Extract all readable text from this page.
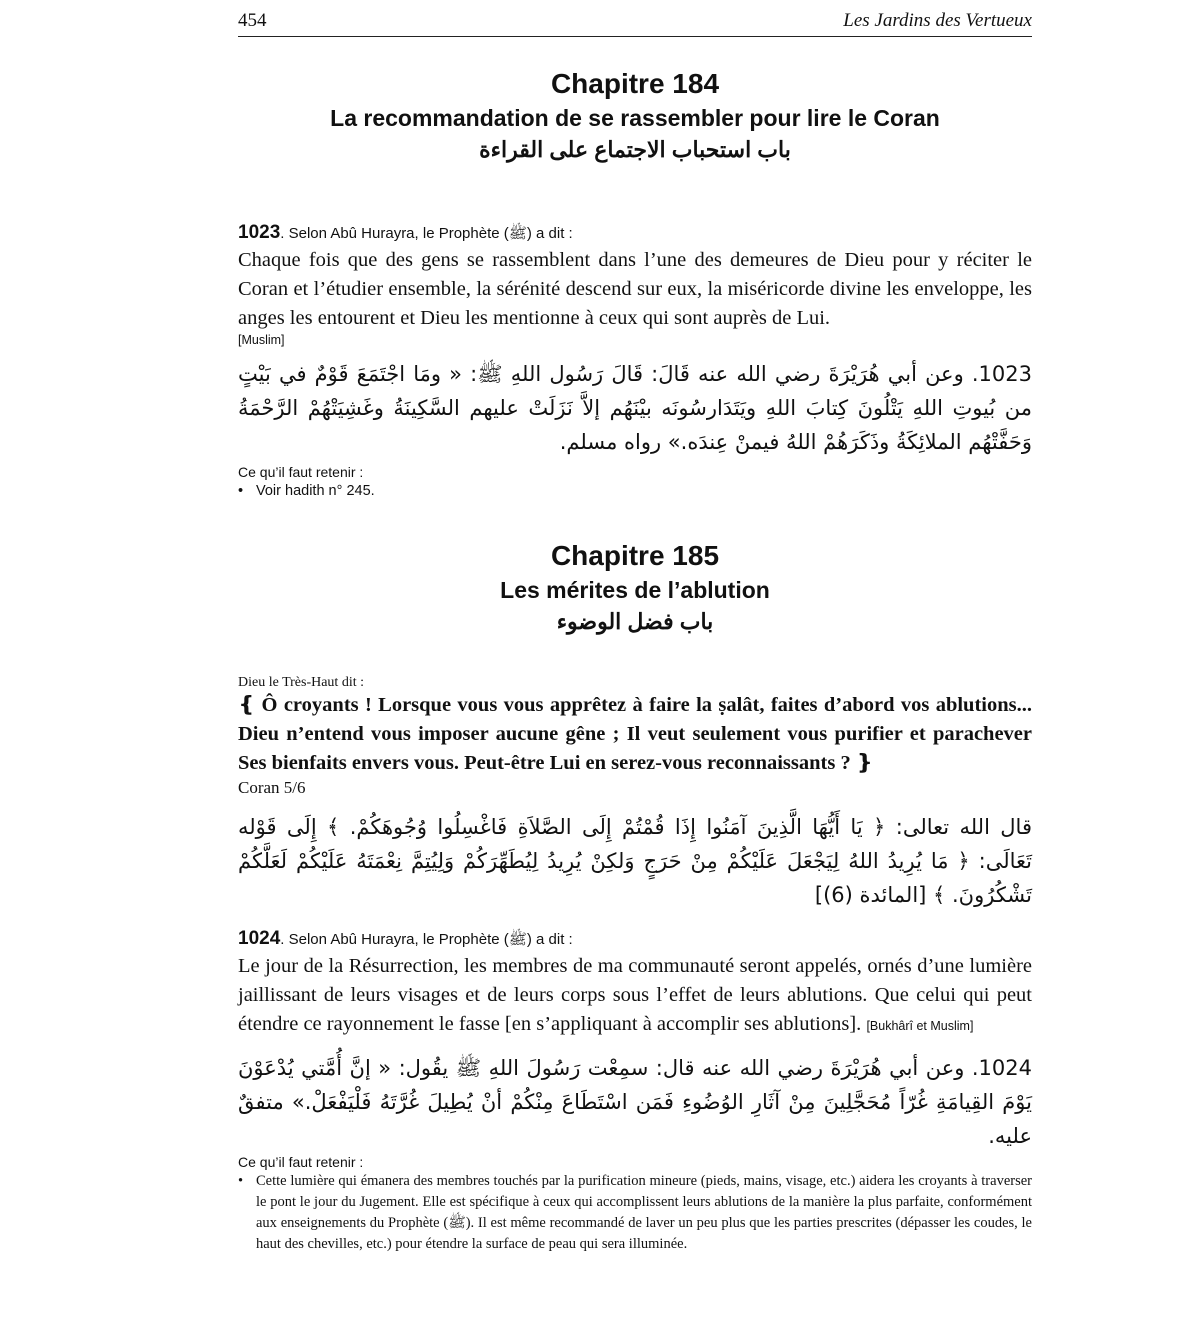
454	Les Jardins des Vertueux
Chapitre 184
La recommandation de se rassembler pour lire le Coran
باب استحباب الاجتماع على القراءة
1023. Selon Abû Hurayra, le Prophète (ﷺ) a dit :
Chaque fois que des gens se rassemblent dans l’une des demeures de Dieu pour y réciter le Coran et l’étudier ensemble, la sérénité descend sur eux, la miséricorde divine les enveloppe, les anges les entourent et Dieu les mentionne à ceux qui sont auprès de Lui.
[Muslim]
1023. وعن أبي هُرَيْرَةَ رضي الله عنه قَالَ: قَالَ رَسُول اللهِ ﷺ: « ومَا اجْتَمَعَ قَوْمٌ في بَيْتٍ من بُيوتِ اللهِ يَتْلُونَ كِتابَ اللهِ ويَتَدَارسُونَه بيْنَهُم إلاَّ نَزَلَتْ عليهم السَّكِينَةُ وغَشِيَتْهُمْ الرَّحْمَةُ وَحَفَّتْهُم الملائِكَةُ وذَكَرَهُمْ اللهُ فيمنْ عِندَه.» رواه مسلم.
Ce qu’il faut retenir :
• Voir hadith n° 245.
Chapitre 185
Les mérites de l’ablution
باب فضل الوضوء
Dieu le Très-Haut dit :
❴ Ô croyants ! Lorsque vous vous apprêtez à faire la ṣalât, faites d’abord vos ablutions... Dieu n’entend vous imposer aucune gêne ; Il veut seulement vous purifier et parachever Ses bienfaits envers vous. Peut-être Lui en serez-vous reconnaissants ? ❵
Coran 5/6
قال الله تعالى: ﴿ يَا أَيُّهَا الَّذِينَ آمَنُوا إِذَا قُمْتُمْ إِلَى الصَّلاَةِ فَاغْسِلُوا وُجُوهَكُمْ. ﴾ إِلَى قَوْله تَعَالَى: ﴿ مَا يُرِيدُ اللهُ لِيَجْعَلَ عَلَيْكُمْ مِنْ حَرَجٍ وَلكِنْ يُرِيدُ لِيُطَهِّرَكُمْ وَلِيُتِمَّ نِعْمَتَهُ عَلَيْكُمْ لَعَلَّكُمْ تَشْكُرُونَ. ﴾ [المائدة (6)]
1024. Selon Abû Hurayra, le Prophète (ﷺ) a dit :
Le jour de la Résurrection, les membres de ma communauté seront appelés, ornés d’une lumière jaillissant de leurs visages et de leurs corps sous l’effet de leurs ablutions. Que celui qui peut étendre ce rayonnement le fasse [en s’appliquant à accomplir ses ablutions]. [Bukhârî et Muslim]
1024. وعن أبي هُرَيْرَةَ رضي الله عنه قال: سمِعْت رَسُولَ اللهِ ﷺ يقُول: « إنَّ أُمَّتي يُدْعَوْنَ يَوْمَ القِيامَةِ غُرّاً مُحَجَّلِينَ مِنْ آثَارِ الوُضُوءِ فَمَن اسْتَطَاعَ مِنْكُمْ أنْ يُطِيلَ غُرَّتَهُ فَلْيَفْعَلْ.» متفقٌ عليه.
Ce qu’il faut retenir :
• Cette lumière qui émanera des membres touchés par la purification mineure (pieds, mains, visage, etc.) aidera les croyants à traverser le pont le jour du Jugement. Elle est spécifique à ceux qui accomplissent leurs ablutions de la manière la plus parfaite, conformément aux enseignements du Prophète (ﷺ). Il est même recommandé de laver un peu plus que les parties prescrites (dépasser les coudes, le haut des chevilles, etc.) pour étendre la surface de peau qui sera illuminée.
